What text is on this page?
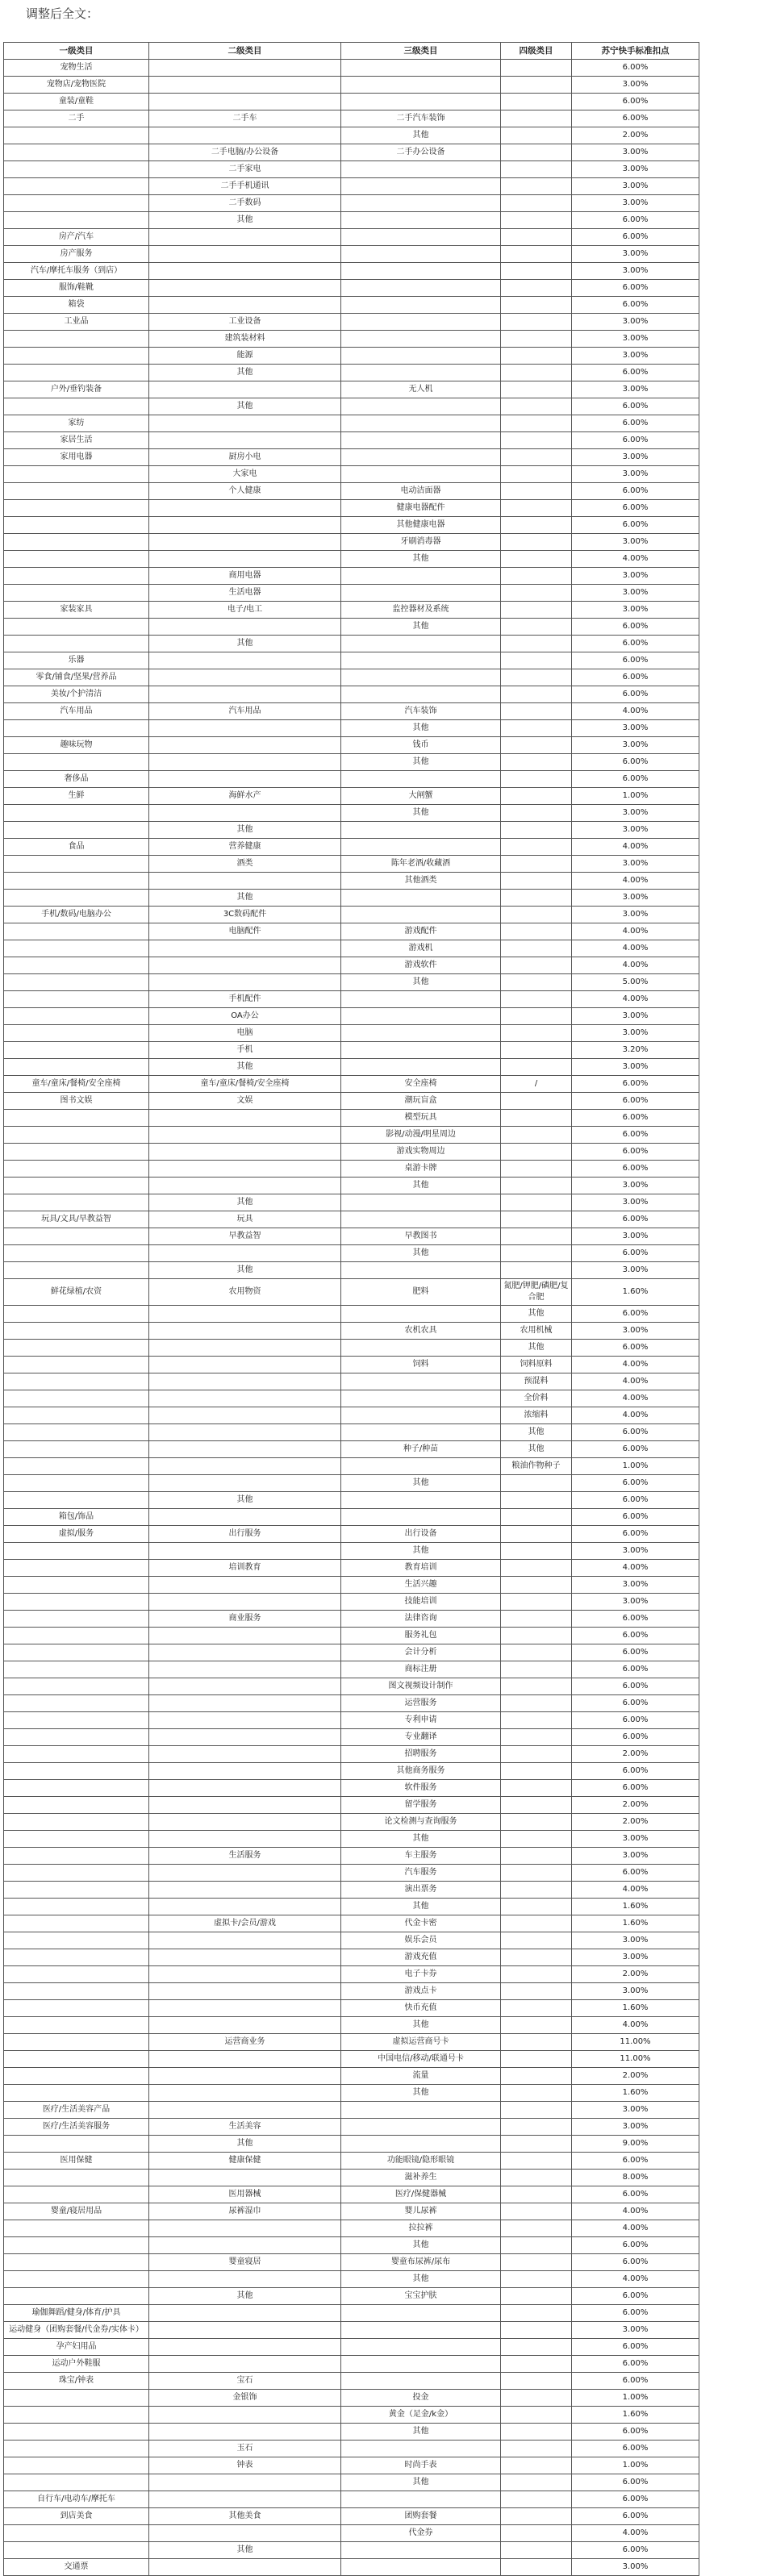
调整后全文：
一级类目	二级类目	三级类目	四级类目	苏宁快手标准扣点
宠物生活				6.00%
宠物店/宠物医院				3.00%
童装/童鞋				6.00%
二手	二手车	二手汽车装饰		6.00%
		其他		2.00%
	二手电脑/办公设备	二手办公设备		3.00%
	二手家电			3.00%
	二手手机通讯			3.00%
	二手数码			3.00%
	其他			6.00%
房产/汽车				6.00%
房产服务				3.00%
汽车/摩托车服务（到店）				3.00%
服饰/鞋靴				6.00%
箱袋				6.00%
工业品	工业设备			3.00%
	建筑装材料			3.00%
	能源			3.00%
	其他			6.00%
户外/垂钓装备		无人机		3.00%
	其他			6.00%
家纺				6.00%
家居生活				6.00%
家用电器	厨房小电			3.00%
	大家电			3.00%
	个人健康	电动洁面器		6.00%
		健康电器配件		6.00%
		其他健康电器		6.00%
		牙刷消毒器		3.00%
		其他		4.00%
	商用电器			3.00%
	生活电器			3.00%
家装家具	电子/电工	监控器材及系统		3.00%
		其他		6.00%
	其他			6.00%
乐器				6.00%
零食/铺食/坚果/营养品				6.00%
美妆/个护清洁				6.00%
汽车用品	汽车用品	汽车装饰		4.00%
		其他		3.00%
趣味玩物		钱币		3.00%
		其他		6.00%
奢侈品				6.00%
生鲜	海鲜水产	大闸蟹		1.00%
		其他		3.00%
	其他			3.00%
食品	营养健康			4.00%
	酒类	陈年老酒/收藏酒		3.00%
		其他酒类		4.00%
	其他			3.00%
手机/数码/电脑办公	3C数码配件			3.00%
	电脑配件	游戏配件		4.00%
		游戏机		4.00%
		游戏软件		4.00%
		其他		5.00%
	手机配件			4.00%
	OA办公			3.00%
	电脑			3.00%
	手机			3.20%
	其他			3.00%
童车/童床/餐椅/安全座椅	童车/童床/餐椅/安全座椅	安全座椅	/	6.00%
图书文娱	文娱	潮玩盲盒		6.00%
		模型玩具		6.00%
		影视/动漫/明星周边		6.00%
		游戏实物周边		6.00%
		桌游卡牌		6.00%
		其他		3.00%
	其他			3.00%
玩具/文具/早教益智	玩具			6.00%
	早教益智	早教图书		3.00%
		其他		6.00%
	其他			3.00%
鲜花绿植/农资	农用物资	肥料	氮肥/钾肥/磷肥/复合肥	1.60%
			其他	6.00%
		农机农具	农用机械	3.00%
			其他	6.00%
		饲料	饲料原料	4.00%
			预混料	4.00%
			全价料	4.00%
			浓缩料	4.00%
			其他	6.00%
		种子/种苗	其他	6.00%
			粮油作物种子	1.00%
		其他		6.00%
	其他			6.00%
箱包/饰品				6.00%
虚拟/服务	出行服务	出行设备		6.00%
		其他		3.00%
	培训教育	教育培训		4.00%
		生活兴趣		3.00%
		技能培训		3.00%
	商业服务	法律咨询		6.00%
		服务礼包		6.00%
		会计分析		6.00%
		商标注册		6.00%
		图文视频设计制作		6.00%
		运营服务		6.00%
		专利申请		6.00%
		专业翻译		6.00%
		招聘服务		2.00%
		其他商务服务		6.00%
		软件服务		6.00%
		留学服务		2.00%
		论文检测与查询服务		2.00%
		其他		3.00%
	生活服务	车主服务		3.00%
		汽车服务		6.00%
		演出票务		4.00%
		其他		1.60%
	虚拟卡/会员/游戏	代金卡密		1.60%
		娱乐会员		3.00%
		游戏充值		3.00%
		电子卡券		2.00%
		游戏点卡		3.00%
		快币充值		1.60%
		其他		4.00%
	运营商业务	虚拟运营商号卡		11.00%
		中国电信/移动/联通号卡		11.00%
		流量		2.00%
		其他		1.60%
医疗/生活美容产品				3.00%
医疗/生活美容服务	生活美容			3.00%
	其他			9.00%
医用保健	健康保健	功能眼镜/隐形眼镜		6.00%
		滋补养生		8.00%
	医用器械	医疗/保健器械		6.00%
婴童/寝居用品	尿裤湿巾	婴儿尿裤		4.00%
		拉拉裤		4.00%
		其他		6.00%
	婴童寝居	婴童布尿裤/尿布		6.00%
		其他		4.00%
	其他	宝宝护肤		6.00%
瑜伽舞蹈/健身/体育/护具				6.00%
运动健身（团购套餐/代金券/实体卡）				3.00%
孕产妇用品				6.00%
运动户外鞋服				6.00%
珠宝/钟表	宝石			6.00%
	金银饰	投金		1.00%
		黄金（足金/k金）		1.60%
		其他		6.00%
	玉石			6.00%
	钟表	时尚手表		1.00%
		其他		6.00%
自行车/电动车/摩托车				6.00%
到店美食	其他美食	团购套餐		6.00%
		代金券		4.00%
	其他			6.00%
交通票				3.00%
